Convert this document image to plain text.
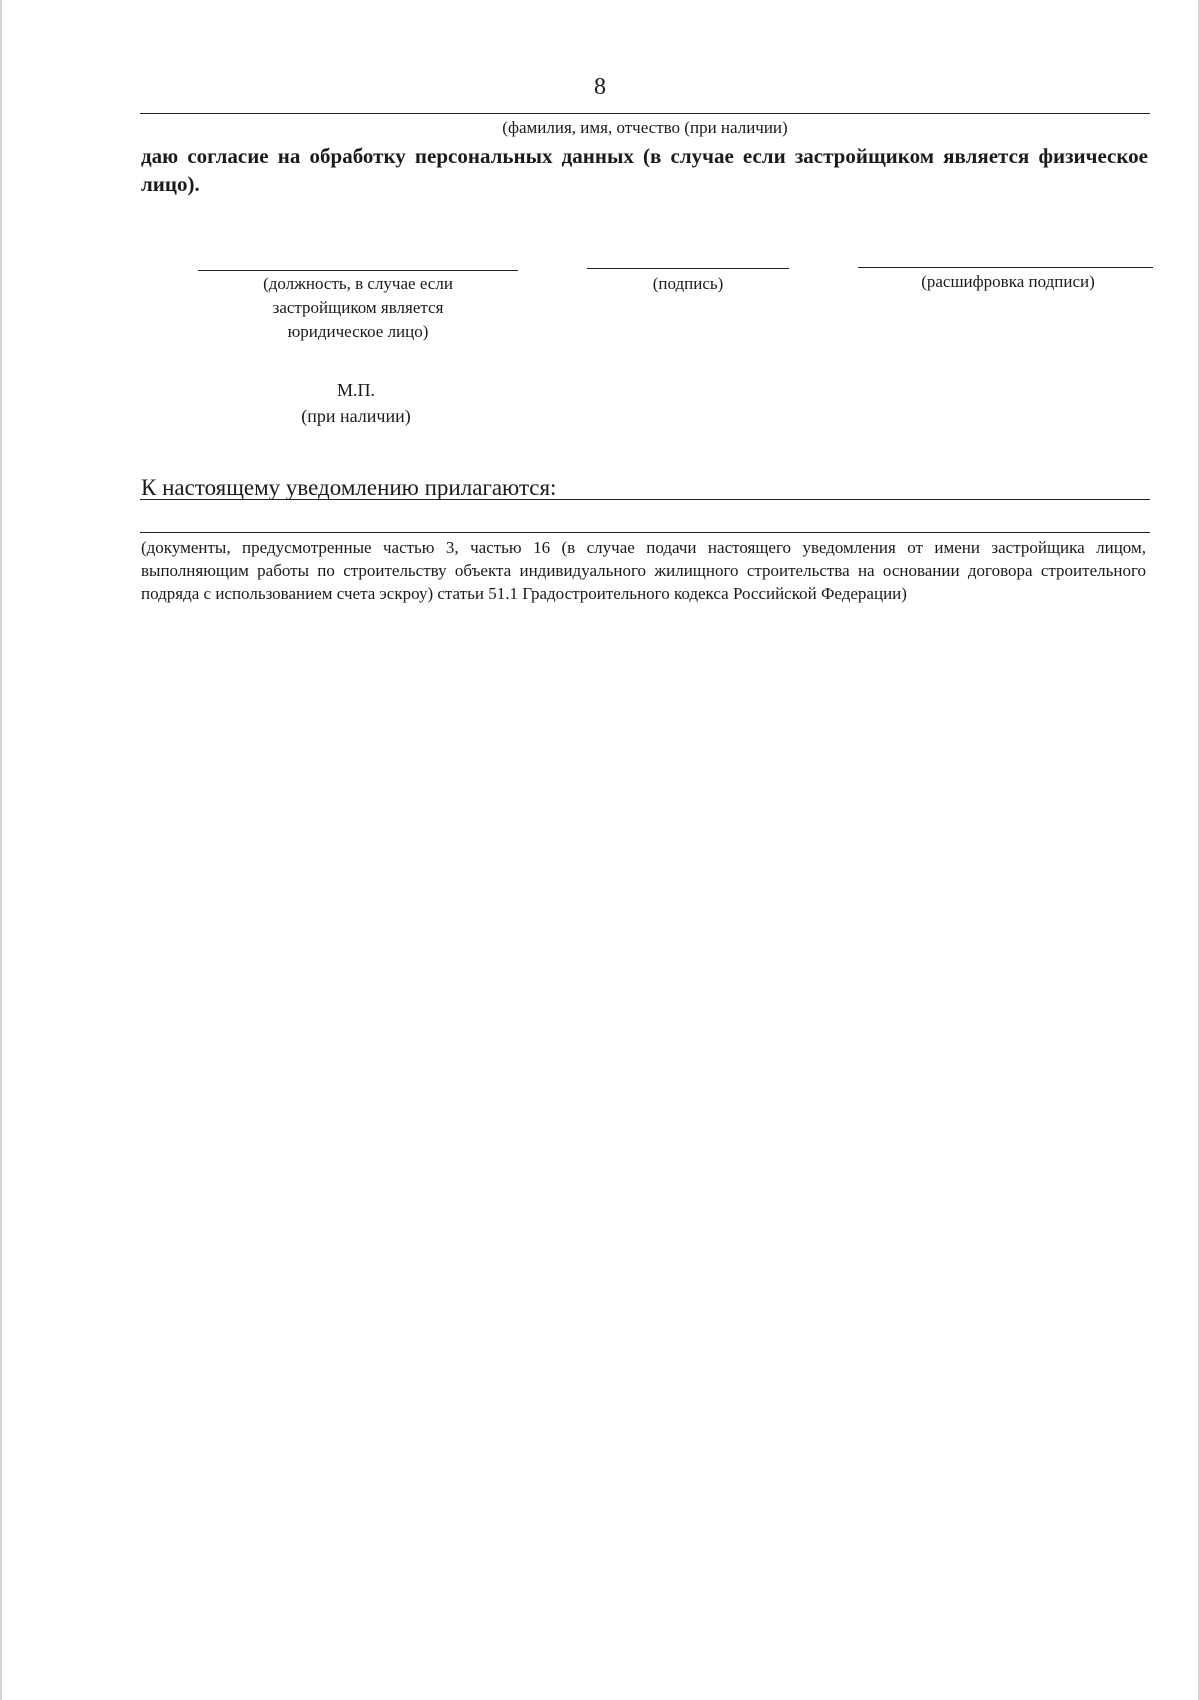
8
(фамилия, имя, отчество (при наличии)
даю согласие на обработку персональных данных (в случае если застройщиком является физическое лицо).
(должность, в случае если
застройщиком является
юридическое лицо)
(подпись)	(расшифровка подписи)
М.П.
(при наличии)
К настоящему уведомлению прилагаются:
(документы, предусмотренные частью 3, частью 16 (в случае подачи настоящего уведомления от имени застройщика лицом, выполняющим работы по строительству объекта индивидуального жилищного строительства на основании договора строительного подряда с использованием счета эскроу) статьи 51.1 Градостроительного кодекса Российской Федерации)
